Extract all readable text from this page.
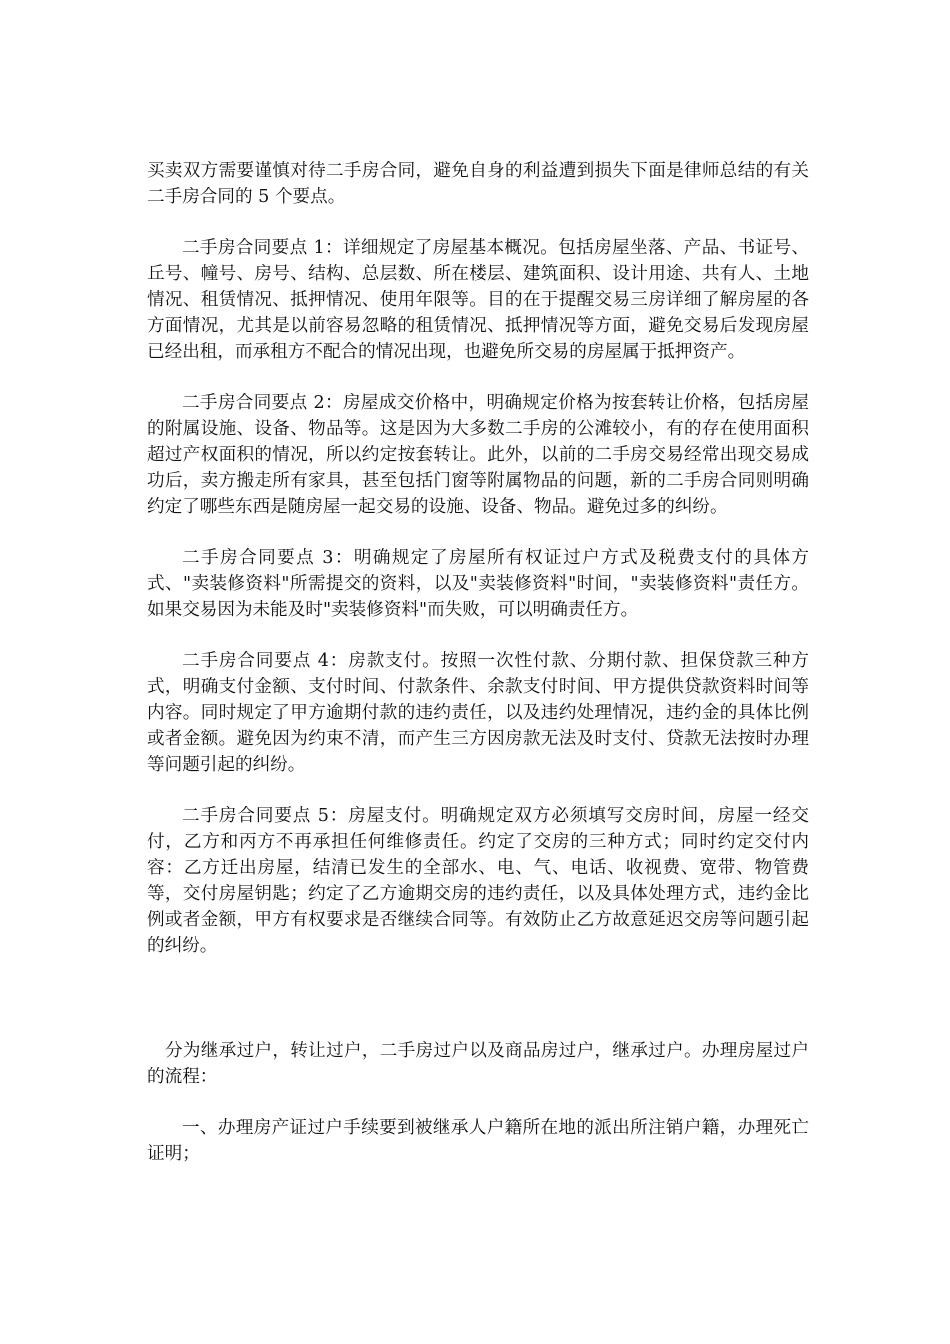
买卖双方需要谨慎对待二手房合同，避免自身的利益遭到损失下面是律师总结的有关二手房合同的 5 个要点。

二手房合同要点 1：详细规定了房屋基本概况。包括房屋坐落、产品、书证号、丘号、幢号、房号、结构、总层数、所在楼层、建筑面积、设计用途、共有人、土地情况、租赁情况、抵押情况、使用年限等。目的在于提醒交易三房详细了解房屋的各方面情况，尤其是以前容易忽略的租赁情况、抵押情况等方面，避免交易后发现房屋已经出租，而承租方不配合的情况出现，也避免所交易的房屋属于抵押资产。

二手房合同要点 2：房屋成交价格中，明确规定价格为按套转让价格，包括房屋的附属设施、设备、物品等。这是因为大多数二手房的公滩较小，有的存在使用面积超过产权面积的情况，所以约定按套转让。此外，以前的二手房交易经常出现交易成功后，卖方搬走所有家具，甚至包括门窗等附属物品的问题，新的二手房合同则明确约定了哪些东西是随房屋一起交易的设施、设备、物品。避免过多的纠纷。

二手房合同要点 3：明确规定了房屋所有权证过户方式及税费支付的具体方式、"卖装修资料"所需提交的资料，以及"卖装修资料"时间，"卖装修资料"责任方。如果交易因为未能及时"卖装修资料"而失败，可以明确责任方。

二手房合同要点 4：房款支付。按照一次性付款、分期付款、担保贷款三种方式，明确支付金额、支付时间、付款条件、余款支付时间、甲方提供贷款资料时间等内容。同时规定了甲方逾期付款的违约责任，以及违约处理情况，违约金的具体比例或者金额。避免因为约束不清，而产生三方因房款无法及时支付、贷款无法按时办理等问题引起的纠纷。

二手房合同要点 5：房屋支付。明确规定双方必须填写交房时间，房屋一经交付，乙方和丙方不再承担任何维修责任。约定了交房的三种方式；同时约定交付内容：乙方迁出房屋，结清已发生的全部水、电、气、电话、收视费、宽带、物管费等，交付房屋钥匙；约定了乙方逾期交房的违约责任，以及具体处理方式，违约金比例或者金额，甲方有权要求是否继续合同等。有效防止乙方故意延迟交房等问题引起的纠纷。

分为继承过户，转让过户，二手房过户以及商品房过户，继承过户。办理房屋过户的流程：

一、办理房产证过户手续要到被继承人户籍所在地的派出所注销户籍，办理死亡证明；
